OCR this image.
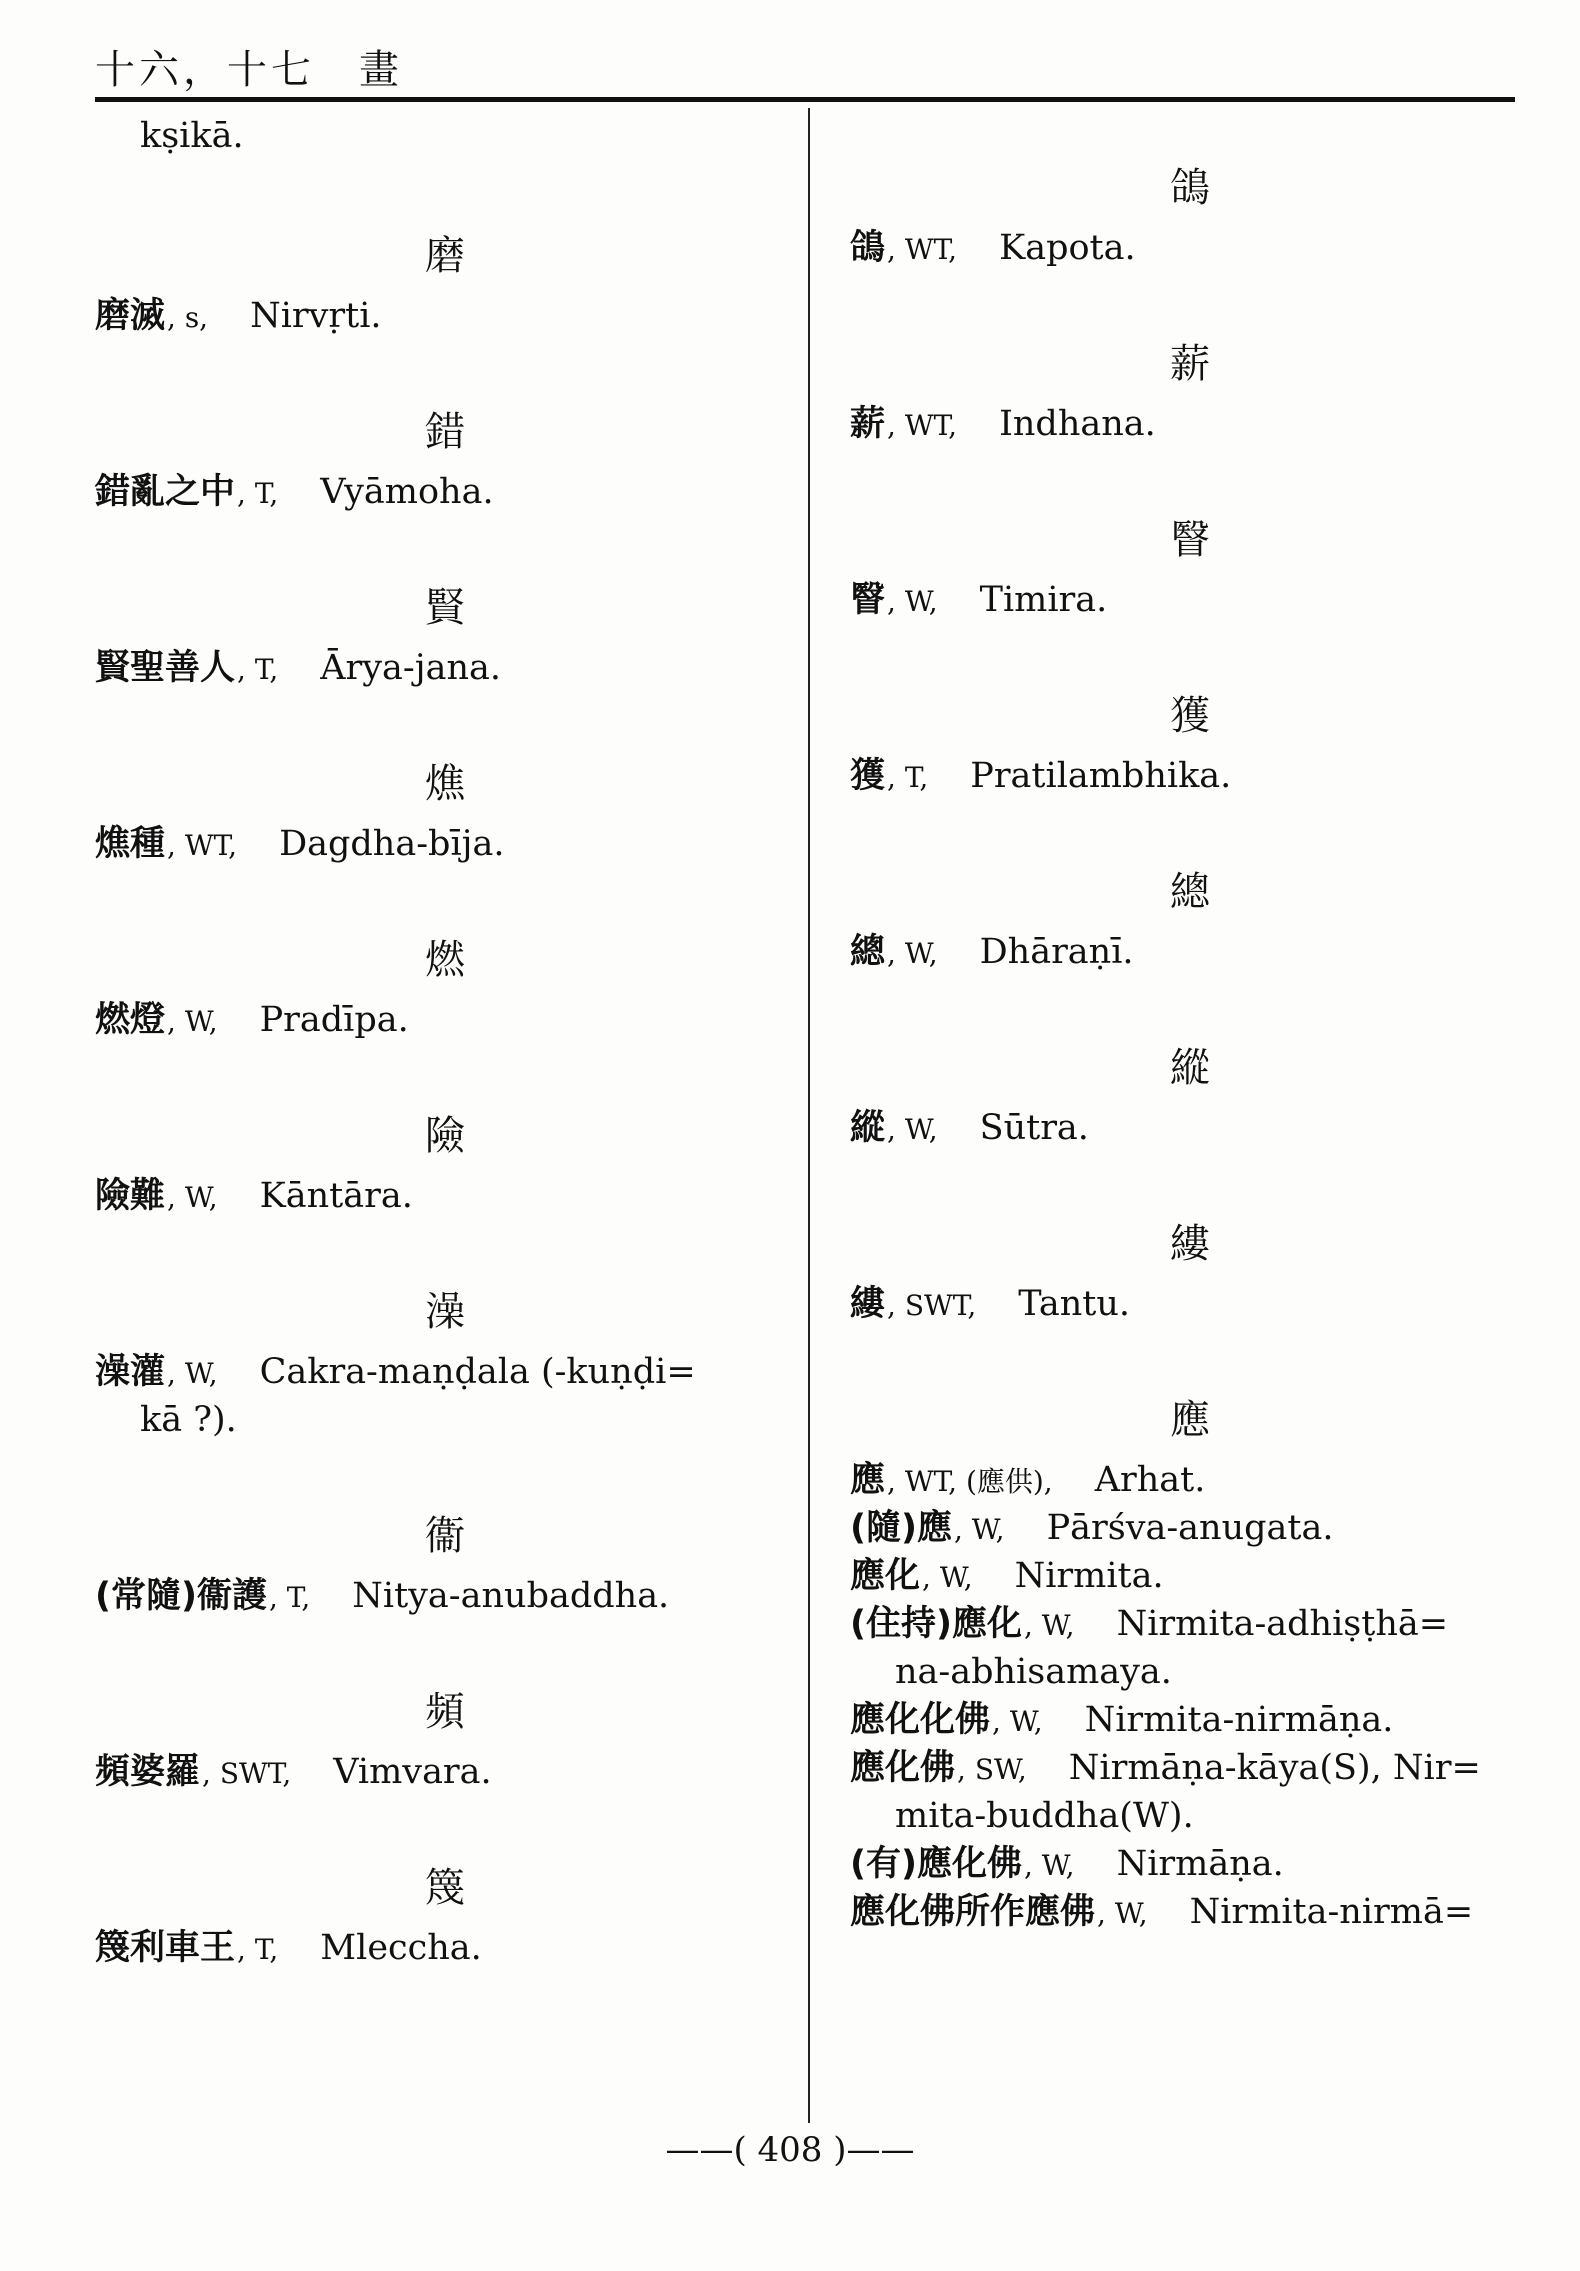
十六，十七　畫
kṣikā.
磨
磨滅, s, Nirvṛti.
錯
錯亂之中, T, Vyāmoha.
賢
賢聖善人, T, Ārya-jana.
燋
燋種, WT, Dagdha-bīja.
燃
燃燈, W, Pradīpa.
險
險難, W, Kāntāra.
澡
澡灌, W, Cakra-maṇḍala (-kuṇḍi=
kā ?).
衞
(常隨)衞護, T, Nitya-anubaddha.
頻
頻婆羅, SWT, Vimvara.
篾
篾利車王, T, Mleccha.
鴿
鴿, WT, Kapota.
薪
薪, WT, Indhana.
瞖
瞖, W, Timira.
獲
獲, T, Pratilambhika.
總
總, W, Dhāraṇī.
縱
縱, W, Sūtra.
縷
縷, SWT, Tantu.
應
應, WT, (應供), Arhat.
(隨)應, W, Pārśva-anugata.
應化, W, Nirmita.
(住持)應化, W, Nirmita-adhiṣṭhā=
na-abhisamaya.
應化化佛, W, Nirmita-nirmāṇa.
應化佛, SW, Nirmāṇa-kāya(S), Nir=
mita-buddha(W).
(有)應化佛, W, Nirmāṇa.
應化佛所作應佛, W, Nirmita-nirmā=
——( 408 )——
